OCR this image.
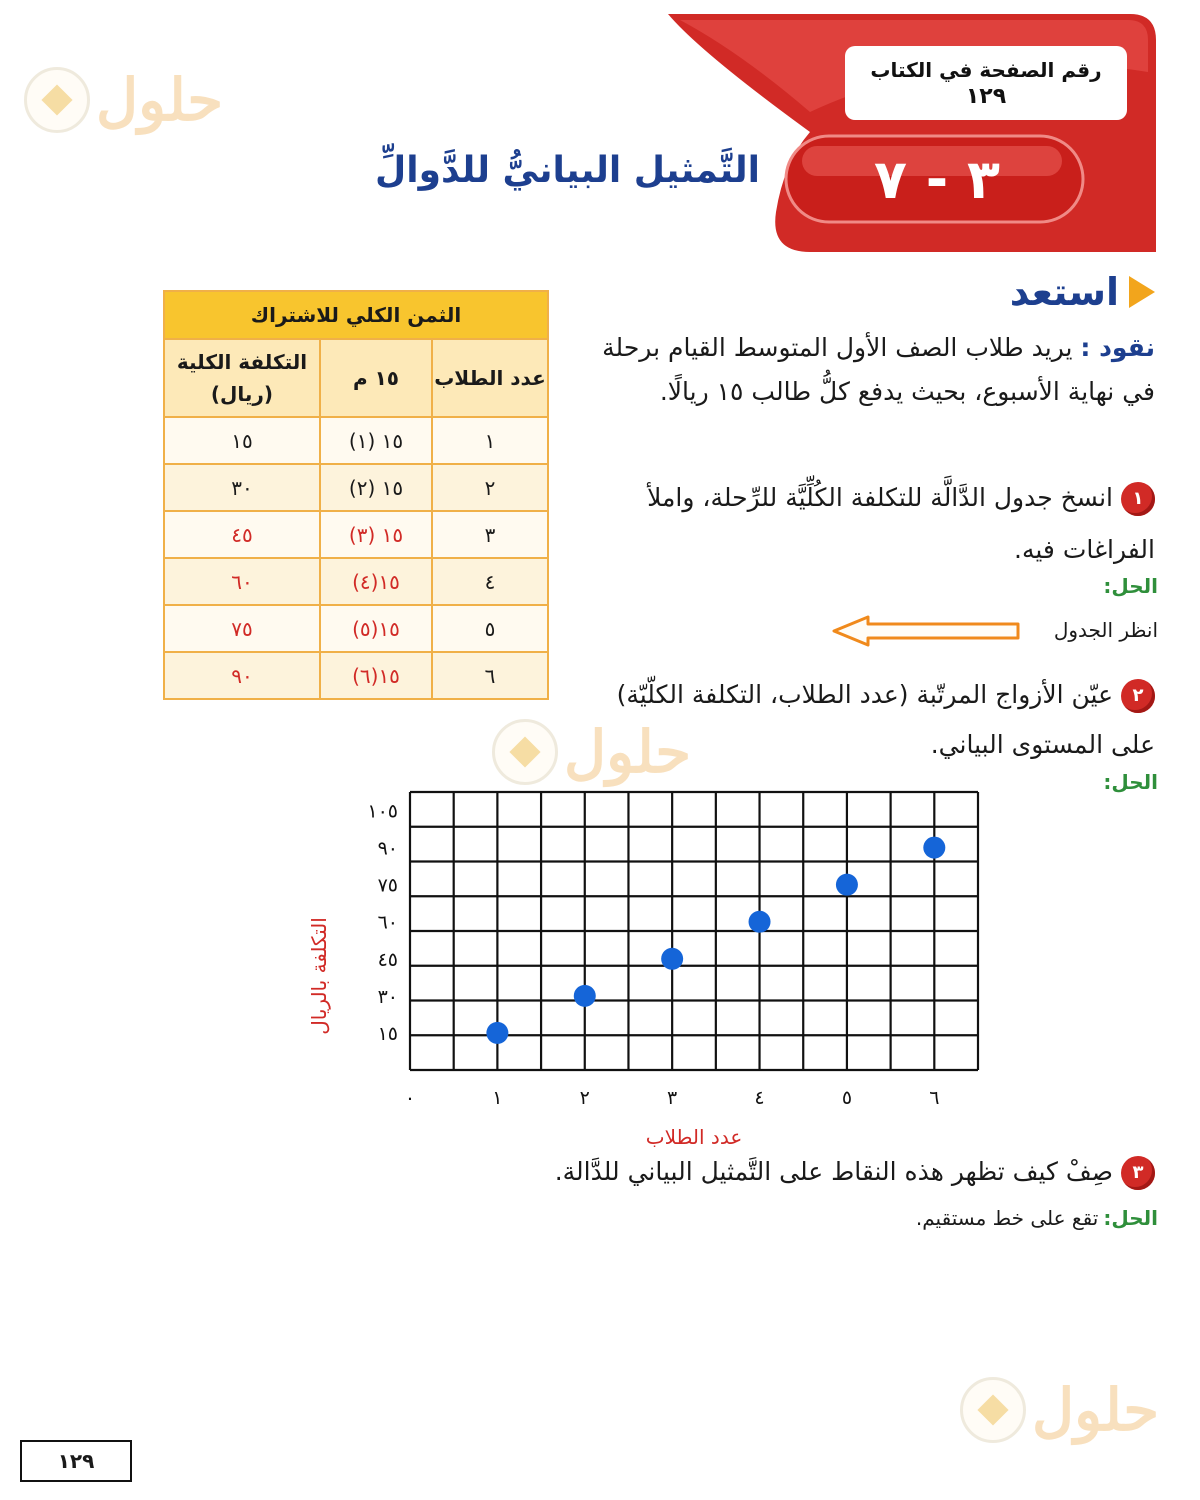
رقم الصفحة في الكتاب
١٢٩
٣ - ٧
التَّمثيل البيانيُّ للدَّوالِّ
حلول
حلول
حلول
استعد
نقود : يريد طلاب الصف الأول المتوسط القيام برحلة في نهاية الأسبوع، بحيث يدفع كلُّ طالب ١٥ ريالًا.
١انسخ جدول الدَّالَّة للتكلفة الكُلِّيَّة للرِّحلة، واملأ الفراغات فيه.
الحل:
انظر الجدول
٢عيّن الأزواج المرتّبة (عدد الطلاب، التكلفة الكلّيّة) على المستوى البياني.
الحل:
٣صِفْ كيف تظهر هذه النقاط على التَّمثيل البياني للدَّالة.
الحل: تقع على خط مستقيم.
الثمن الكلي للاشتراك		
عدد الطلاب	١٥ م	التكلفة الكلية (ريال)
١	١٥ (١)	١٥
٢	١٥ (٢)	٣٠
٣	١٥ (٣)	٤٥
٤	١٥(٤)	٦٠
٥	١٥(٥)	٧٥
٦	١٥(٦)	٩٠
١٥
٣٠
٤٥
٦٠
٧٥
٩٠
١٠٥
٠	١	٢	٣	٤	٥	٦
عدد الطلاب
التكلفة بالريال
١٢٩
